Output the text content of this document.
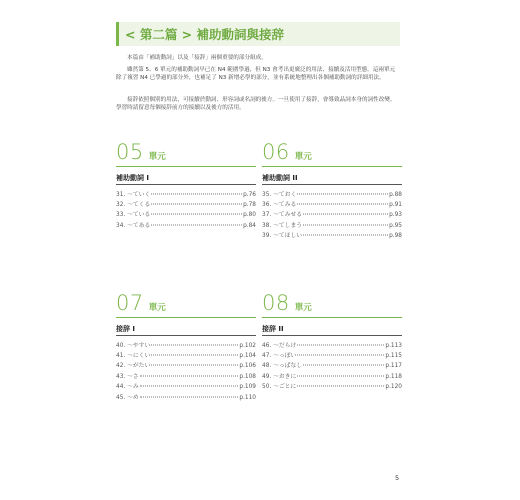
< 第二篇 > 補助動詞與接辞

本篇由「補助動詞」以及「接辞」兩個重要的部分組成。

雖然第 5、6 單元的補助動詞早已在 N4 範圍學過，但 N3 會考出更廣泛的用法、接續及活用型態。這兩單元除了複習 N4 已學過的部分外，也補足了 N3 新增必學的部分，並有系統地整理出各個補助動詞的詳細用法。

接辞依照個別的用法，可接續於動詞、形容詞或名詞的後方。一旦使用了接辞，會導致品詞本身的詞性改變。學習時請留意每個接辞前方的接續以及後方的活用。

05 單元
補助動詞 I
31. ～ていく	p.76
32. ～てくる	p.78
33. ～ている	p.80
34. ～てある	p.84
06 單元
補助動詞 II
35. ～ておく	p.88
36. ～てみる	p.91
37. ～てみせる	p.93
38. ～てしまう	p.95
39. ～てほしい	p.98
07 單元
接辞 I
40. ～やすい	p.102
41. ～にくい	p.104
42. ～がたい	p.106
43. ～さ	p.108
44. ～み	p.109
45. ～め	p.110
08 單元
接辞 II
46. ～だらけ	p.113
47. ～っぽい	p.115
48. ～っぱなし	p.117
49. ～おきに	p.118
50. ～ごとに	p.120
5
